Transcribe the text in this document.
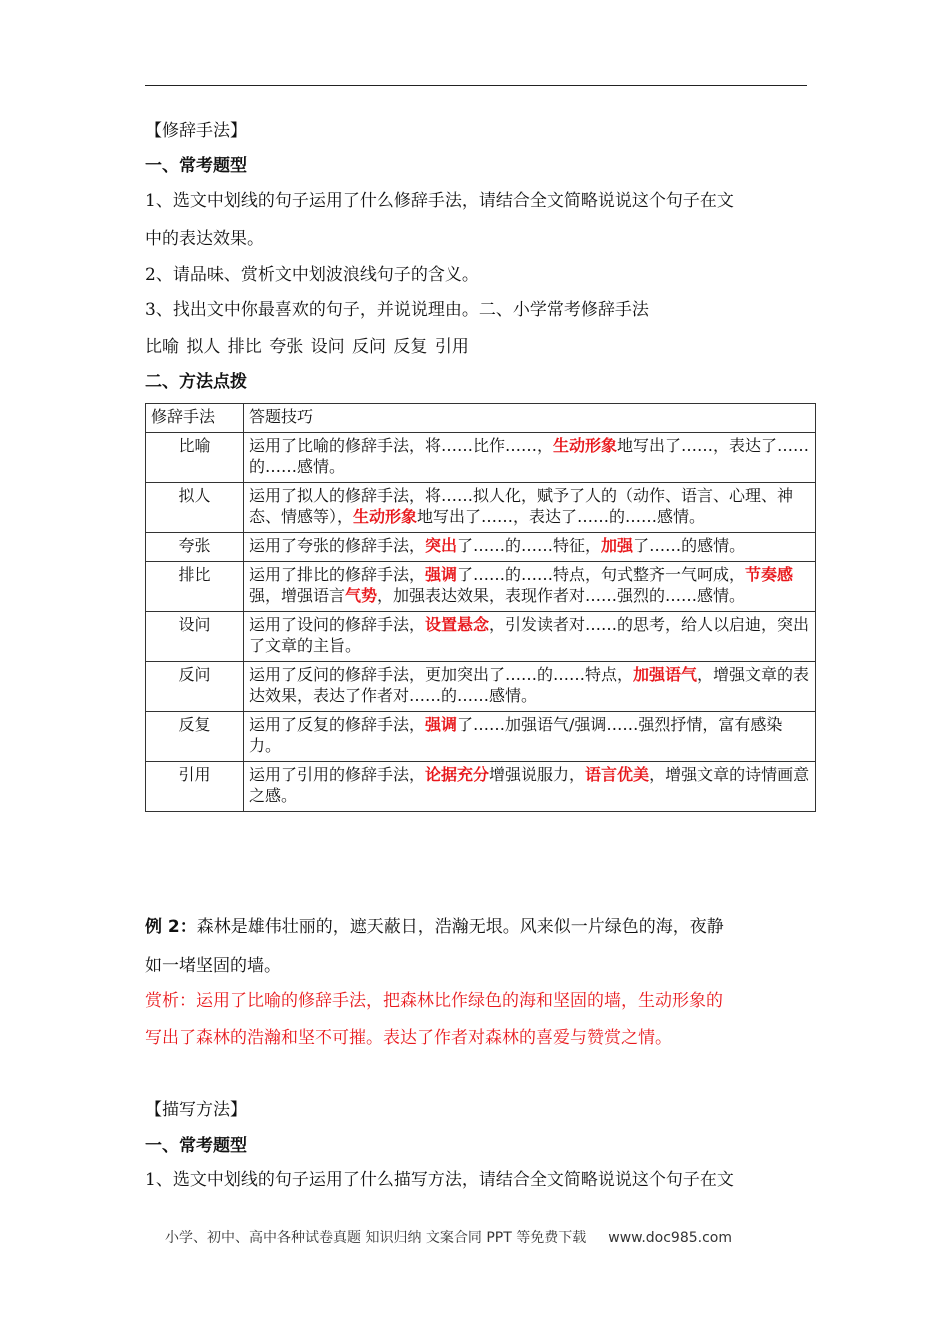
【修辞手法】
一、常考题型
1、选文中划线的句子运用了什么修辞手法，请结合全文简略说说这个句子在文
中的表达效果。
2、请品味、赏析文中划波浪线句子的含义。
3、找出文中你最喜欢的句子，并说说理由。二、小学常考修辞手法
比喻 拟人 排比 夸张 设问 反问 反复 引用
二、方法点拨
修辞手法	答题技巧
比喻	运用了比喻的修辞手法，将……比作……，生动形象地写出了……，表达了……的……感情。
拟人	运用了拟人的修辞手法，将……拟人化，赋予了人的（动作、语言、心理、神态、情感等），生动形象地写出了……，表达了……的……感情。
夸张	运用了夸张的修辞手法，突出了……的……特征，加强了……的感情。
排比	运用了排比的修辞手法，强调了……的……特点，句式整齐一气呵成，节奏感强，增强语言气势，加强表达效果，表现作者对……强烈的……感情。
设问	运用了设问的修辞手法，设置悬念，引发读者对……的思考，给人以启迪，突出了文章的主旨。
反问	运用了反问的修辞手法，更加突出了……的……特点，加强语气，增强文章的表达效果，表达了作者对……的……感情。
反复	运用了反复的修辞手法，强调了……加强语气/强调……强烈抒情，富有感染力。
引用	运用了引用的修辞手法，论据充分增强说服力，语言优美，增强文章的诗情画意之感。
例 2：森林是雄伟壮丽的，遮天蔽日，浩瀚无垠。风来似一片绿色的海，夜静
如一堵坚固的墙。
赏析：运用了比喻的修辞手法，把森林比作绿色的海和坚固的墙，生动形象的
写出了森林的浩瀚和坚不可摧。表达了作者对森林的喜爱与赞赏之情。
【描写方法】
一、常考题型
1、选文中划线的句子运用了什么描写方法，请结合全文简略说说这个句子在文
小学、初中、高中各种试卷真题 知识归纳 文案合同 PPT 等免费下载 www.doc985.com
